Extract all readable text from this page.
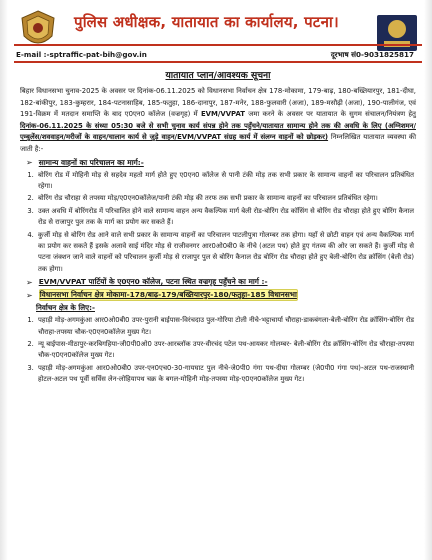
पुलिस अधीक्षक, यातायात का कार्यालय, पटना।
E-mail :-sptraffic-pat-bih@gov.in	दूरभाष सं0-9031825817
यातायात प्लान/आवश्यक सूचना

बिहार विधानसभा चुनाव-2025 के अवसर पर दिनांक-06.11.2025 को विधानसभा निर्वाचन क्षेत्र 178-मोकामा, 179-बाढ़, 180-बख्तियारपुर, 181-दीघा, 182-बांकीपुर, 183-कुम्हरार, 184-पटनासाहिब, 185-फतुहा, 186-दानापुर, 187-मनेर, 188-फुलवारी (अजा), 189-मसौढ़ी (अजा), 190-पालीगंज, एवं 191-विक्रम में मतदान समाप्ति के बाद ए0एन0 कॉलेज (वज्रगृह) में EVM/VVPAT जमा करने के अवसर पर यातायात के सुगम संचालन/नियंत्रण हेतु दिनांक-06.11.2025 के संध्या 05:30 बजे से सभी चुनाव कार्य संपन्न होने तक पहुँचने/यातायात सामान्य होने तक की अवधि के लिए (अग्निशमन/एम्बुलेंस/शववाहन/मरीजों के वाहन/चालान कार्य से जुड़े वाहन/EVM/VVPAT संग्रह कार्य में संलग्न वाहनों को छोड़कर) निम्नलिखित यातायात व्यवस्था की जाती है:-

➢ सामान्य वाहनों का परिचालन का मार्ग:-
1. बोरिंग रोड में मोहिनी मोड़ से सहदेव महतो मार्ग होते हुए ए0एन0 कॉलेज से पानी टंकी मोड़ तक सभी प्रकार के सामान्य वाहनों का परिचालन प्रतिबंधित रहेगा।
2. बोरिंग रोड चौराहा से तपस्या मोड़/ए0एन0कॉलेज/पानी टंकी मोड़ की तरफ तक सभी प्रकार के सामान्य वाहनों का परिचालन प्रतिबंधित रहेगा।
3. उक्त अवधि में बोरिंगरोड में परिचालित होने वाले सामान्य वाहन अन्य वैकल्पिक मार्ग बेली रोड-बोरिंग रोड कॉसिंग से बोरिंग रोड चौराहा होते हुए बोरिंग कैनाल रोड से राजापुर पुल तक के मार्ग का प्रयोग कर सकते हैं।
4. कुर्जी मोड़ से बोरिंग रोड आने वाले सभी प्रकार के सामान्य वाहनों का परिचालन पाटलीपुत्रा गोलम्बर तक होगा। यहाँ से छोटी वाहन एवं अन्य वैकल्पिक मार्ग का प्रयोग कर सकते हैं इसके अलावे साई मंदिर मोड़ से राजीवनगर आर0ओ0बी0 के नीचे (अटल पथ) होते हुए गंतव्य की ओर जा सकते हैं। कुर्जी मोड़ से पटना जंक्शन जाने वाले वाहनों को परिचालन कुर्जी मोड़ से राजापुर पुल से बोरिंग कैनाल रोड बोरिंग रोड चौराहा होते हुए बेली-बोरिंग रोड क्रॉसिंग (बेली रोड) तक होगा।
➢ EVM/VVPAT पार्टियों के ए0एन0 कॉलेज, पटना स्थित वज्रगृह पहुँचने का मार्ग :-
➢ विधानसभा निर्वाचन क्षेत्र मोकामा-178/बाढ़-179/बख्तियारपुर-180/फतुहा-185 विधानसभा
निर्वाचन क्षेत्र के लिए:-
1. पहाड़ी मोड़-अगमकुंआ आर0ओ0बी0 उपर-पुरानी बाईपास-विरंचदाउ पुल-गोरिया टोली नीचे-भट्टाचार्या चौराहा-डाकबंगला-बेली-बोरिंग रोड क्रॉसिंग-बोरिंग रोड चौराहा-तपस्या चौक-ए0एन0कॉलेज मुख्य गेट।
2. न्यू बाईपास-मीठापुर-करबिगहिया-जी0पी0ओ0 उपर-आरब्लॉक उपर-वीरचंद पटेल पथ-आयकर गोलम्बर- बेली-बोरिंग रोड क्रॉसिंग-बोरिंग रोड चौराहा-तपस्या चौक-ए0एन0कॉलेज मुख्य गेट।
3. पहाड़ी मोड़-अगमकुंआ आर0ओ0बी0 उपर-एन0एच0-30-गायघाट पुल नीचे-जे0पी0 गंगा पथ-दीघा गोलम्बर (जे0पी0 गंगा पथ)-अटल पथ-राजस्थानी होटल-अटल पथ पूर्वी सर्विस लेन-लोहियापथ चक्र के बगल-मोहिनी मोड़-तपस्या मोड़-ए0एन0कॉलेज मुख्य गेट।
